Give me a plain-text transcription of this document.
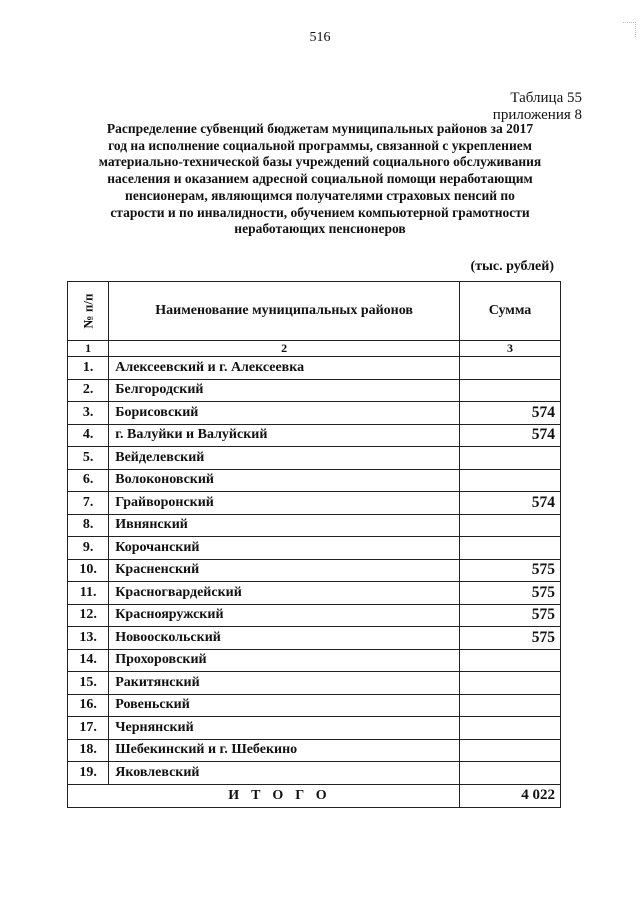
516
Таблица 55
приложения 8
Распределение субвенций бюджетам муниципальных районов за 2017
год на исполнение социальной программы, связанной с укреплением
материально-технической базы учреждений социального обслуживания
населения и оказанием адресной социальной помощи неработающим
пенсионерам, являющимся получателями страховых пенсий по
старости и по инвалидности, обучением компьютерной грамотности
неработающих пенсионеров
(тыс. рублей)
№ п/п	Наименование муниципальных районов	Сумма
1	2	3
1.	Алексеевский и г. Алексеевка	
2.	Белгородский	
3.	Борисовский	574
4.	г. Валуйки и Валуйский	574
5.	Вейделевский	
6.	Волоконовский	
7.	Грайворонский	574
8.	Ивнянский	
9.	Корочанский	
10.	Красненский	575
11.	Красногвардейский	575
12.	Краснояружский	575
13.	Новооскольский	575
14.	Прохоровский	
15.	Ракитянский	
16.	Ровеньский	
17.	Чернянский	
18.	Шебекинский и г. Шебекино	
19.	Яковлевский	
ИТОГО		4 022
